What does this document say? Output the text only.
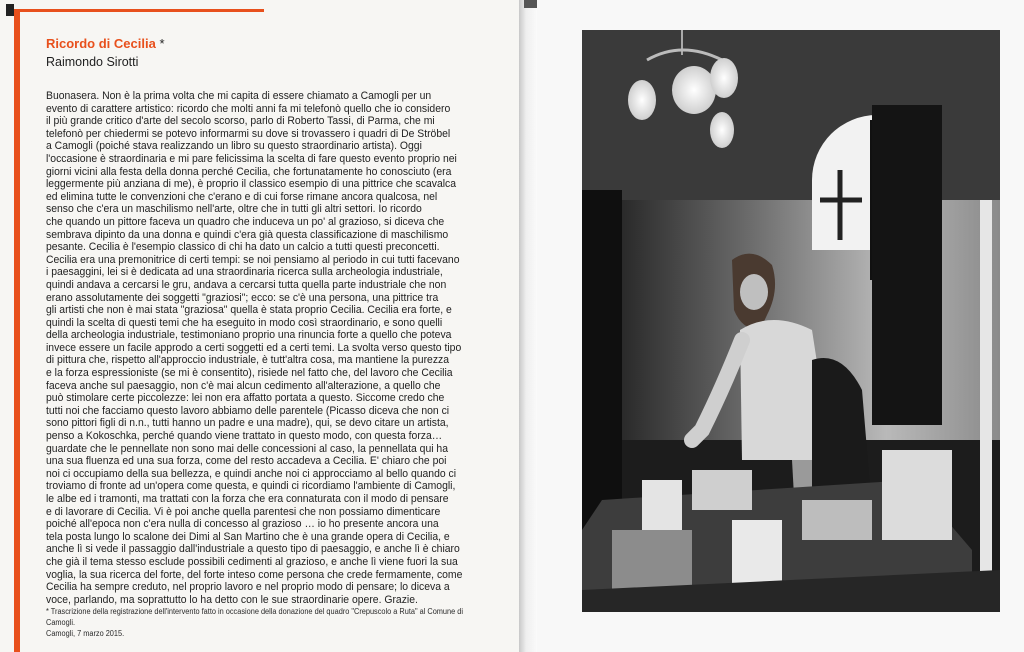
Ricordo di Cecilia *
Raimondo Sirotti
Buonasera. Non è la prima volta che mi capita di essere chiamato a Camogli per un
evento di carattere artistico: ricordo che molti anni fa mi telefonò quello che io considero
il più grande critico d'arte del secolo scorso, parlo di Roberto Tassi, di Parma, che mi
telefonò per chiedermi se potevo informarmi su dove si trovassero i quadri di De Ströbel
a Camogli (poiché stava realizzando un libro su questo straordinario artista). Oggi
l'occasione è straordinaria e mi pare felicissima la scelta di fare questo evento proprio nei
giorni vicini alla festa della donna perché Cecilia, che fortunatamente ho conosciuto (era
leggermente più anziana di me), è proprio il classico esempio di una pittrice che scavalca
ed elimina tutte le convenzioni che c'erano e di cui forse rimane ancora qualcosa, nel
senso che c'era un maschilismo nell'arte, oltre che in tutti gli altri settori. Io ricordo
che quando un pittore faceva un quadro che induceva un po' al grazioso, si diceva che
sembrava dipinto da una donna e quindi c'era già questa classificazione di maschilismo
pesante. Cecilia è l'esempio classico di chi ha dato un calcio a tutti questi preconcetti.
Cecilia era una premonitrice di certi tempi: se noi pensiamo al periodo in cui tutti facevano
i paesaggini, lei si è dedicata ad una straordinaria ricerca sulla archeologia industriale,
quindi andava a cercarsi le gru, andava a cercarsi tutta quella parte industriale che non
erano assolutamente dei soggetti "graziosi"; ecco: se c'è una persona, una pittrice tra
gli artisti che non è mai stata "graziosa" quella è stata proprio Cecilia. Cecilia era forte, e
quindi la scelta di questi temi che ha eseguito in modo così straordinario, e sono quelli
della archeologia industriale, testimoniano proprio una rinuncia forte a quello che poteva
invece essere un facile approdo a certi soggetti ed a certi temi. La svolta verso questo tipo
di pittura che, rispetto all'approccio industriale, è tutt'altra cosa, ma mantiene la purezza
e la forza espressioniste (se mi è consentito), risiede nel fatto che, del lavoro che Cecilia
faceva anche sul paesaggio, non c'è mai alcun cedimento all'alterazione, a quello che
può stimolare certe piccolezze: lei non era affatto portata a questo. Siccome credo che
tutti noi che facciamo questo lavoro abbiamo delle parentele (Picasso diceva che non ci
sono pittori figli di n.n., tutti hanno un padre e una madre), qui, se devo citare un artista,
penso a Kokoschka, perché quando viene trattato in questo modo, con questa forza…
guardate che le pennellate non sono mai delle concessioni al caso, la pennellata qui ha
una sua fluenza ed una sua forza, come del resto accadeva a Cecilia. E' chiaro che poi
noi ci occupiamo della sua bellezza, e quindi anche noi ci approcciamo al bello quando ci
troviamo di fronte ad un'opera come questa, e quindi ci ricordiamo l'ambiente di Camogli,
le albe ed i tramonti, ma trattati con la forza che era connaturata con il modo di pensare
e di lavorare di Cecilia. Vi è poi anche quella parentesi che non possiamo dimenticare
poiché all'epoca non c'era nulla di concesso al grazioso … io ho presente ancora una
tela posta lungo lo scalone dei Dimi al San Martino che è una grande opera di Cecilia, e
anche lì si vede il passaggio dall'industriale a questo tipo di paesaggio, e anche lì è chiaro
che già il tema stesso esclude possibili cedimenti al grazioso, e anche lì viene fuori la sua
voglia, la sua ricerca del forte, del forte inteso come persona che crede fermamente, come
Cecilia ha sempre creduto, nel proprio lavoro e nel proprio modo di pensare; lo diceva a
voce, parlando, ma soprattutto lo ha detto con le sue straordinarie opere. Grazie.
* Trascrizione della registrazione dell'intervento fatto in occasione della donazione del quadro "Crepuscolo a Ruta" al Comune di Camogli.
Camogli, 7 marzo 2015.
